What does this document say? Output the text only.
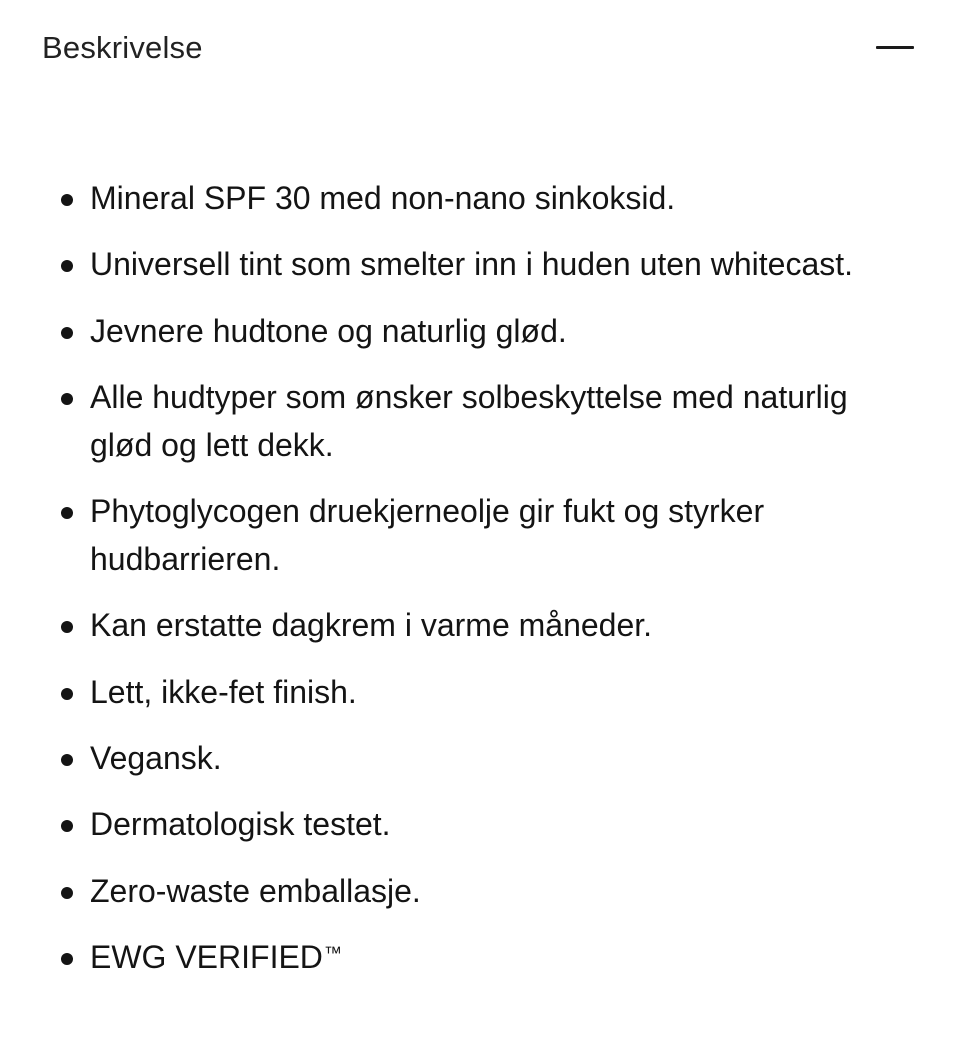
Beskrivelse
Mineral SPF 30 med non-nano sinkoksid.
Universell tint som smelter inn i huden uten whitecast.
Jevnere hudtone og naturlig glød.
Alle hudtyper som ønsker solbeskyttelse med naturlig glød og lett dekk.
Phytoglycogen druekjerneolje gir fukt og styrker hudbarrieren.
Kan erstatte dagkrem i varme måneder.
Lett, ikke-fet finish.
Vegansk.
Dermatologisk testet.
Zero-waste emballasje.
EWG VERIFIED™
